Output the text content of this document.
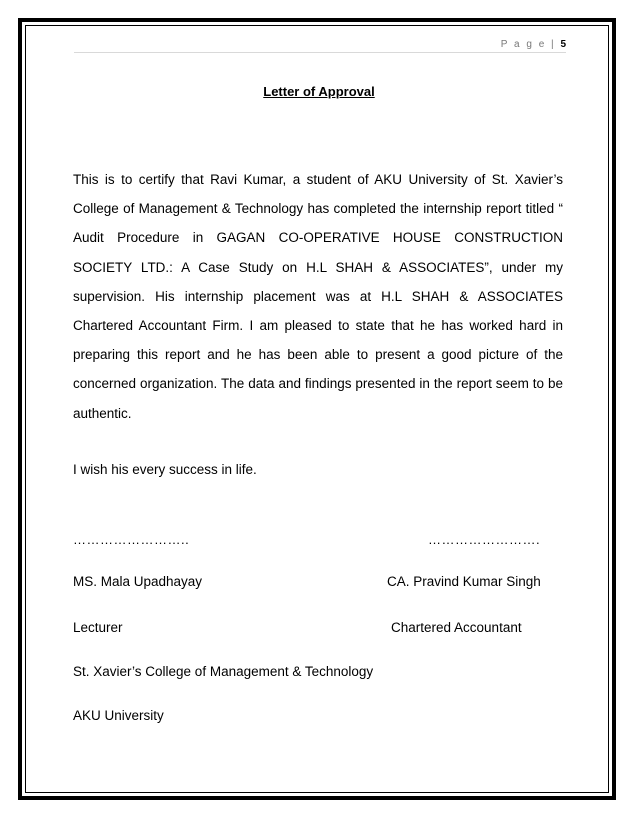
P a g e | 5
Letter of Approval

This is to certify that Ravi Kumar, a student of AKU University of St. Xavier’s College of Management & Technology has completed the internship report titled “ Audit Procedure in GAGAN CO-OPERATIVE HOUSE CONSTRUCTION SOCIETY LTD.: A Case Study on H.L SHAH & ASSOCIATES”, under my supervision. His internship placement was at H.L SHAH & ASSOCIATES Chartered Accountant Firm. I am pleased to state that he has worked hard in preparing this report and he has been able to present a good picture of the concerned organization. The data and findings presented in the report seem to be authentic.

I wish his every success in life.
……………………..	…………………….
MS. Mala Upadhayay	CA. Pravind Kumar Singh
Lecturer	Chartered Accountant
St. Xavier’s College of Management & Technology
AKU University
